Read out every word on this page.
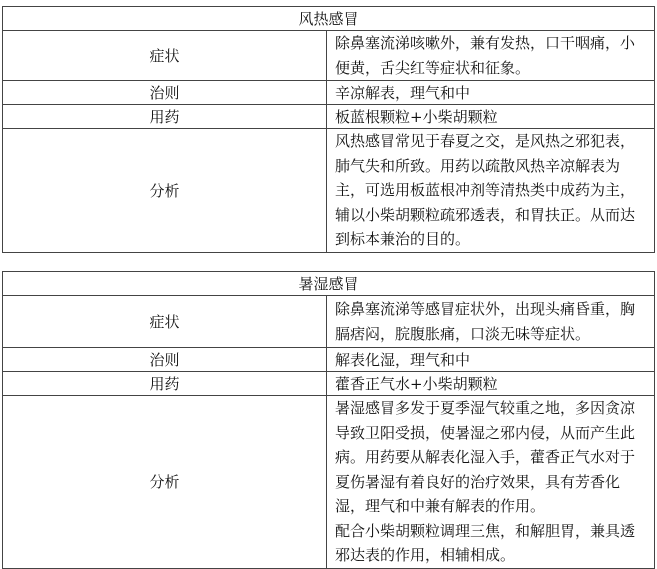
风热感冒	
症状	除鼻塞流涕咳嗽外，兼有发热，口干咽痛，小便黄，舌尖红等症状和征象。

治则	辛凉解表，理气和中

用药	板蓝根颗粒+小柴胡颗粒

分析	风热感冒常见于春夏之交，是风热之邪犯表，肺气失和所致。用药以疏散风热辛凉解表为主，可选用板蓝根冲剂等清热类中成药为主，辅以小柴胡颗粒疏邪透表，和胃扶正。从而达到标本兼治的目的。
暑湿感冒	
症状	除鼻塞流涕等感冒症状外，出现头痛昏重，胸膈痞闷，脘腹胀痛，口淡无味等症状。

治则	解表化湿，理气和中

用药	藿香正气水+小柴胡颗粒

分析	暑湿感冒多发于夏季湿气较重之地，多因贪凉导致卫阳受损，使暑湿之邪内侵，从而产生此病。用药要从解表化湿入手，藿香正气水对于夏伤暑湿有着良好的治疗效果，具有芳香化湿，理气和中兼有解表的作用。
配合小柴胡颗粒调理三焦，和解胆胃，兼具透邪达表的作用，相辅相成。
